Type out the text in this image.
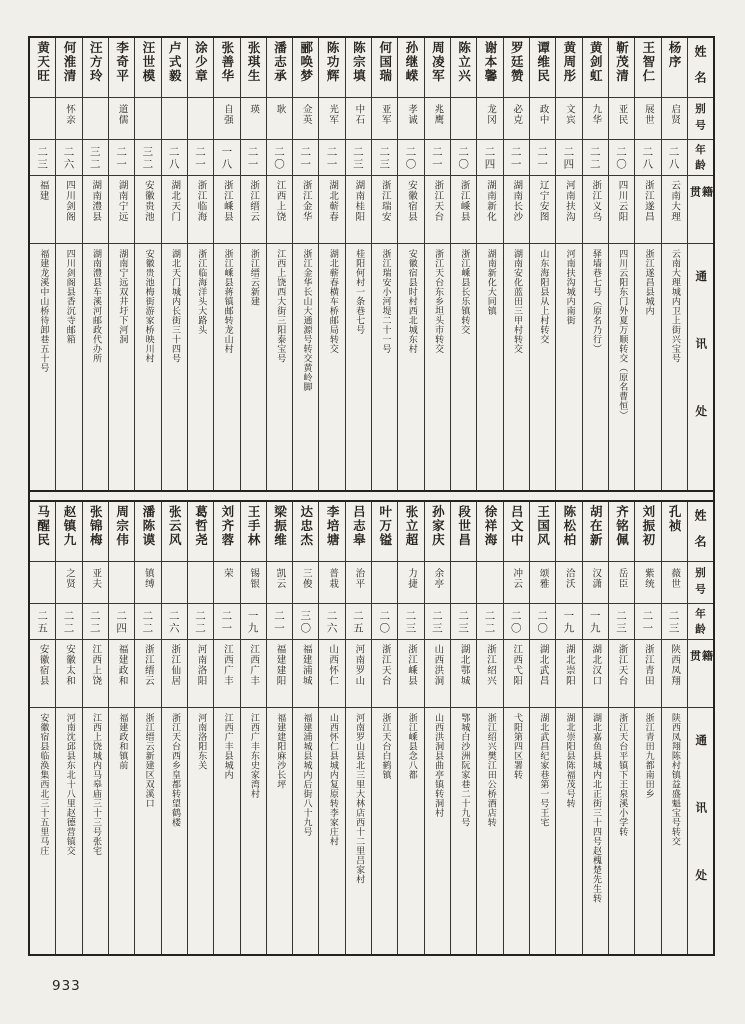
黄天旺
二三
福建
福建龙溪中山桥待卸巷五十号
何淮清
怀亲
二六
四川剑阁
四川剑阁县香沉寺邮箱
汪方玲
三二
湖南澧县
湖南澧县车溪河邮政代办所
李奇平
道儒
二一
湖南宁远
湖南宁远双井圩下河洞
汪世模
三二
安徽贵池
安徽贵池梅街游家桥映川村
卢式毅
二八
湖北天门
湖北天门城内长街三十四号
涂少章
二一
浙江临海
浙江临海洋头大路头
张善华
自强
一八
浙江嵊县
浙江嵊县蒋镇邮转龙山村
张琪生
瑛
二一
浙江缙云
浙江缙云新建
潘志承
耿
二〇
江西上饶
江西上饶西大街三阳泰宝号
郦唤梦
佥英
二一
浙江金华
浙江金华长山大通源号转交黄岭脚
陈功辉
光军
二一
湖北蕲春
湖北蕲春横车桥邮局转交
陈宗填
中石
二三
湖南桂阳
桂阳何村一条巷七号
何国瑞
亚军
二三
浙江瑞安
浙江瑞安小河堤二十一号
孙继嵘
孝诚
二〇
安徽宿县
安徽宿县时村西北城东村
周凌军
兆鹰
二一
浙江天台
浙江天台东乡坦头市转交
陈立兴
二〇
浙江嵊县
浙江嵊县长乐镇转交
谢本馨
龙冈
二四
湖南新化
湖南新化大同镇
罗廷赞
必克
二一
湖南长沙
湖南安化蓝田三甲村转交
谭维民
政中
二一
辽宁安图
山东海阳县从上村转交
黄周彤
文宾
二四
河南扶沟
河南扶沟城内南街
黄剑虹
九华
二二
浙江义乌
驿墙巷七号（原名乃行）
靳茂清
亚民
二〇
四川云阳
四川云阳东门外夏万顺转交（原名曹恒）
王智仁
展世
二八
浙江遂昌
浙江遂昌县城内
杨序
启贤
二八
云南大理
云南大理城内卫上街兴宝号
姓名
别号
年龄
籍贯
通讯处
马醒民
二五
安徽宿县
安徽宿县临涣集西北三十五里马庄
赵镇九
之贤
二二
安徽太和
河南沈邱县东北十八里赵德营镇交
张锦梅
亚夫
二二
江西上饶
江西上饶城内马皋庙三十三号张宅
周宗伟
二四
福建政和
福建政和镇前
潘陈谟
镇缚
二二
浙江缙云
浙江缙云新建区双溪口
张云风
二六
浙江仙居
浙江天台西乡皇都转望鹤楼
葛哲尧
二二
河南洛阳
河南洛阳东关
刘齐蓉
荣
二一
江西广丰
江西广丰县城内
王手林
锡银
一九
江西广丰
江西广丰东史家湾村
梁振维
凯云
二一
福建建阳
福建建阳麻沙长坪
达忠杰
三俊
三〇
福建浦城
福建浦城县城内后街八十九号
李培塘
普栽
二六
山西怀仁
山西怀仁县城内复原转李家庄村
吕志皋
治平
二五
河南罗山
河南罗山县北三里大林店西十二里吕家村
叶万镒
二〇
浙江天台
浙江天台白鹤镇
张立超
力捷
二三
浙江嵊县
浙江嵊县念八都
孙家庆
余亭
二三
山西洪洞
山西洪洞县曲亭镇转洞村
段世昌
二三
湖北鄂城
鄂城白沙洲阮家巷二十九号
徐祥海
二二
浙江绍兴
浙江绍兴樊江田公桥酒店转
吕文中
冲云
二〇
江西弋阳
弋阳第四区署转
王国风
颂雅
二〇
湖北武昌
湖北武昌纪家巷第一号王宅
陈松柏
洽沃
一九
湖北崇阳
湖北崇阳县陈福茂号转
胡在新
汉潇
一九
湖北汉口
湖北嘉鱼县城内北正街三十四号赵槐楚先生转
齐铭佩
岳臣
二三
浙江天台
浙江天台平镇下王泉溪小学转
刘振初
紫统
二一
浙江青田
浙江青田九都南田乡
孔祯
薇世
二三
陕西凤翔
陕西凤翔陈村镇益盛魁宝号转交
姓名
别号
年龄
籍贯
通讯处
933
